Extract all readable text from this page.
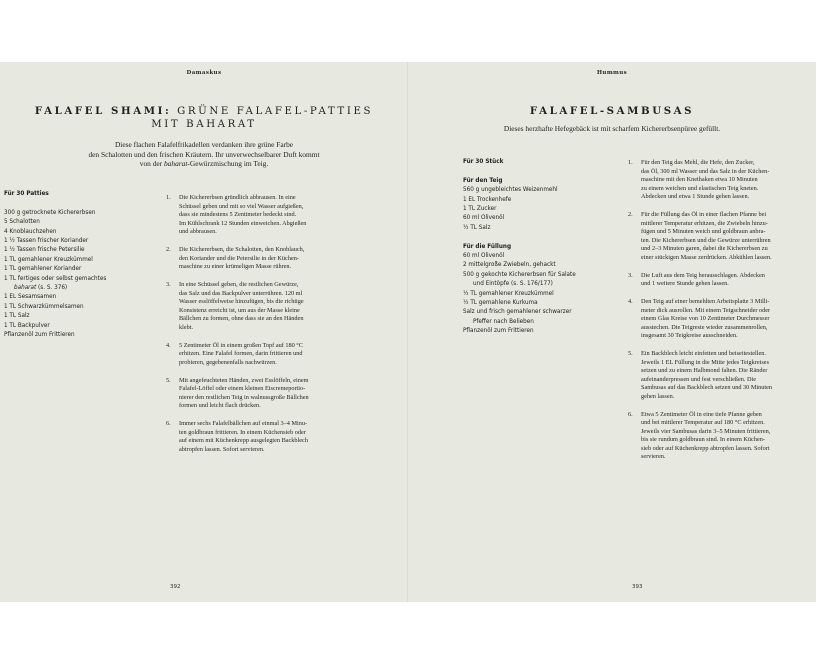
Damaskus
FALAFEL SHAMI: GRÜNE FALAFEL-PATTIES
MIT BAHARAT
Diese flachen Falafelfrikadellen verdanken ihre grüne Farbe
den Schalotten und den frischen Kräutern. Ihr unverwechselbarer Duft kommt
von der baharat-Gewürzmischung im Teig.
Für 30 Patties
300 g getrocknete Kichererbsen
5 Schalotten
4 Knoblauchzehen
1 ½ Tassen frischer Koriander
1 ½ Tassen frische Petersilie
1 TL gemahlener Kreuzkümmel
1 TL gemahlener Koriander
1 TL fertiges oder selbst gemachtes
baharat (s. S. 376)
1 EL Sesamsamen
1 TL Schwarzkümmelsamen
1 TL Salz
1 TL Backpulver
Pflanzenöl zum Frittieren
1. Die Kichererbsen gründlich abbrausen. In eine
Schüssel geben und mit so viel Wasser aufgießen,
dass sie mindestens 5 Zentimeter bedeckt sind.
Im Kühlschrank 12 Stunden einweichen. Abgießen
und abbrausen.
2. Die Kichererbsen, die Schalotten, den Knoblauch,
den Koriander und die Petersilie in der Küchen-
maschine zu einer krümeligen Masse rühren.
3. In eine Schüssel geben, die restlichen Gewürze,
das Salz und das Backpulver unterrühren. 120 ml
Wasser esslöffelweise hinzufügen, bis die richtige
Konsistenz erreicht ist, um aus der Masse kleine
Bällchen zu formen, ohne dass sie an den Händen
klebt.
4. 5 Zentimeter Öl in einem großen Topf auf 180 °C
erhitzen. Eine Falafel formen, darin frittieren und
probieren, gegebenenfalls nachwürzen.
5. Mit angefeuchteten Händen, zwei Esslöffeln, einem
Falafel-Löffel oder einem kleinen Eiscremeportio-
nierer den restlichen Teig in walnussgroße Bällchen
formen und leicht flach drücken.
6. Immer sechs Falafelbällchen auf einmal 3–4 Minu-
ten goldbraun frittieren. In einem Küchensieb oder
auf einem mit Küchenkrepp ausgelegten Backblech
abtropfen lassen. Sofort servieren.
392
Hummus
FALAFEL-SAMBUSAS
Dieses herzhafte Hefegebäck ist mit scharfem Kichererbsenpüree gefüllt.
Für 30 Stück
Für den Teig
560 g ungebleichtes Weizenmehl
1 EL Trockenhefe
1 TL Zucker
60 ml Olivenöl
½ TL Salz
Für die Füllung
60 ml Olivenöl
2 mittelgroße Zwiebeln, gehackt
500 g gekochte Kichererbsen für Salate
und Eintöpfe (s. S. 176/177)
½ TL gemahlener Kreuzkümmel
½ TL gemahlene Kurkuma
Salz und frisch gemahlener schwarzer
Pfeffer nach Belieben
Pflanzenöl zum Frittieren
1. Für den Teig das Mehl, die Hefe, den Zucker,
das Öl, 300 ml Wasser und das Salz in der Küchen-
maschine mit den Knethaken etwa 10 Minuten
zu einem weichen und elastischen Teig kneten.
Abdecken und etwa 1 Stunde gehen lassen.
2. Für die Füllung das Öl in einer flachen Pfanne bei
mittlerer Temperatur erhitzen, die Zwiebeln hinzu-
fügen und 5 Minuten weich und goldbraun anbra-
ten. Die Kichererbsen und die Gewürze unterrühren
und 2–3 Minuten garen, dabei die Kichererbsen zu
einer stückigen Masse zerdrücken. Abkühlen lassen.
3. Die Luft aus dem Teig herausschlagen. Abdecken
und 1 weitere Stunde gehen lassen.
4. Den Teig auf einer bemehlten Arbeitsplatte 3 Milli-
meter dick ausrollen. Mit einem Teigschneider oder
einem Glas Kreise von 10 Zentimeter Durchmesser
ausstechen. Die Teigreste wieder zusammenrollen,
insgesamt 30 Teigkreise ausschneiden.
5. Ein Backblech leicht einfetten und beiseitestellen.
Jeweils 1 EL Füllung in die Mitte jedes Teigkreises
setzen und zu einem Halbmond falten. Die Ränder
aufeinanderpressen und fest verschließen. Die
Sambusas auf das Backblech setzen und 30 Minuten
gehen lassen.
6. Etwa 5 Zentimeter Öl in eine tiefe Pfanne geben
und bei mittlerer Temperatur auf 180 °C erhitzen.
Jeweils vier Sambusas darin 3–5 Minuten frittieren,
bis sie rundum goldbraun sind. In einem Küchen-
sieb oder auf Küchenkrepp abtropfen lassen. Sofort
servieren.
393
